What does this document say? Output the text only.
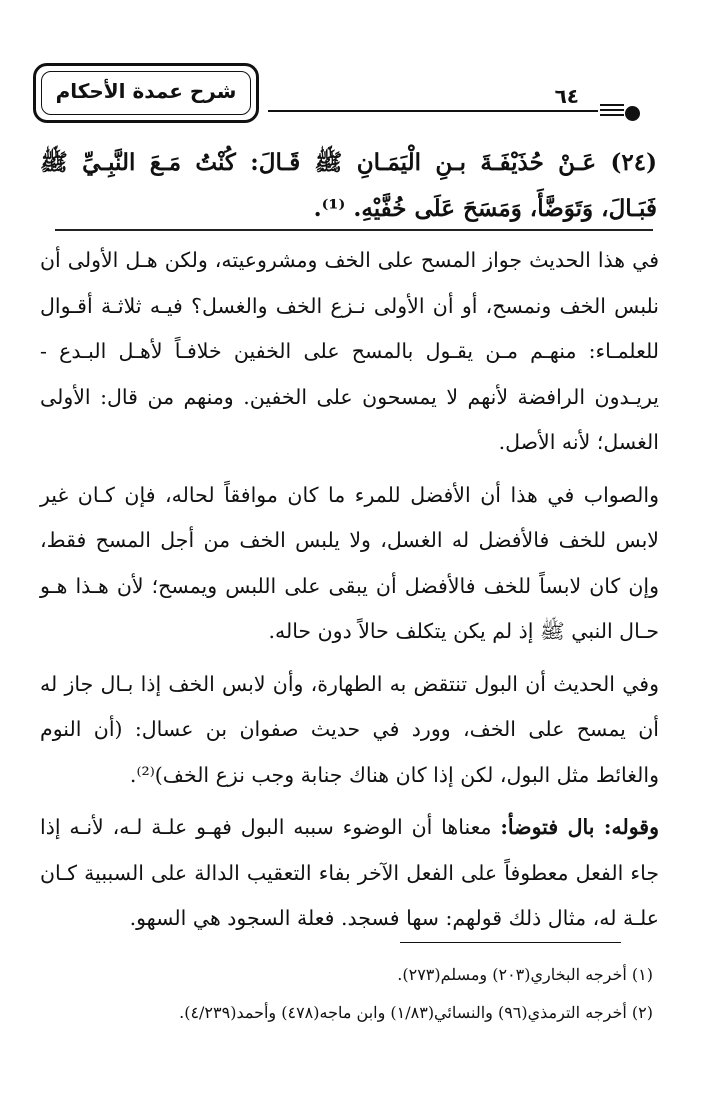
شرح عمدة الأحكام	٦٤
(٢٤) عَـنْ حُذَيْفَـةَ بـنِ الْيَمَـانِ ﷺ قَـالَ: كُنْتُ مَـعَ النَّبِـيِّ ﷺ فَبَـالَ، وَتَوَضَّأَ، وَمَسَحَ عَلَى خُفَّيْهِ. ⁽¹⁾.

في هذا الحديث جواز المسح على الخف ومشروعيته، ولكن هـل الأولى أن نلبس الخف ونمسح، أو أن الأولى نـزع الخف والغسل؟ فيـه ثلاثـة أقـوال للعلمـاء: منهـم مـن يقـول بالمسح على الخفين خلافـاً لأهـل البـدع - يريـدون الرافضة لأنهم لا يمسحون على الخفين. ومنهم من قال: الأولى الغسل؛ لأنه الأصل.

والصواب في هذا أن الأفضل للمرء ما كان موافقاً لحاله، فإن كـان غير لابس للخف فالأفضل له الغسل، ولا يلبس الخف من أجل المسح فقط، وإن كان لابساً للخف فالأفضل أن يبقى على اللبس ويمسح؛ لأن هـذا هـو حـال النبي ﷺ إذ لم يكن يتكلف حالاً دون حاله.

وفي الحديث أن البول تنتقض به الطهارة، وأن لابس الخف إذا بـال جاز له أن يمسح على الخف، وورد في حديث صفوان بن عسال: (أن النوم والغائط مثل البول، لكن إذا كان هناك جنابة وجب نزع الخف)⁽²⁾.

وقوله: بال فتوضأ: معناها أن الوضوء سببه البول فهـو علـة لـه، لأنـه إذا جاء الفعل معطوفاً على الفعل الآخر بفاء التعقيب الدالة على السببية كـان علـة له، مثال ذلك قولهم: سها فسجد. فعلة السجود هي السهو.

(١) أخرجه البخاري(٢٠٣) ومسلم(٢٧٣).
(٢) أخرجه الترمذي(٩٦) والنسائي(١/٨٣) وابن ماجه(٤٧٨) وأحمد(٤/٢٣٩).
